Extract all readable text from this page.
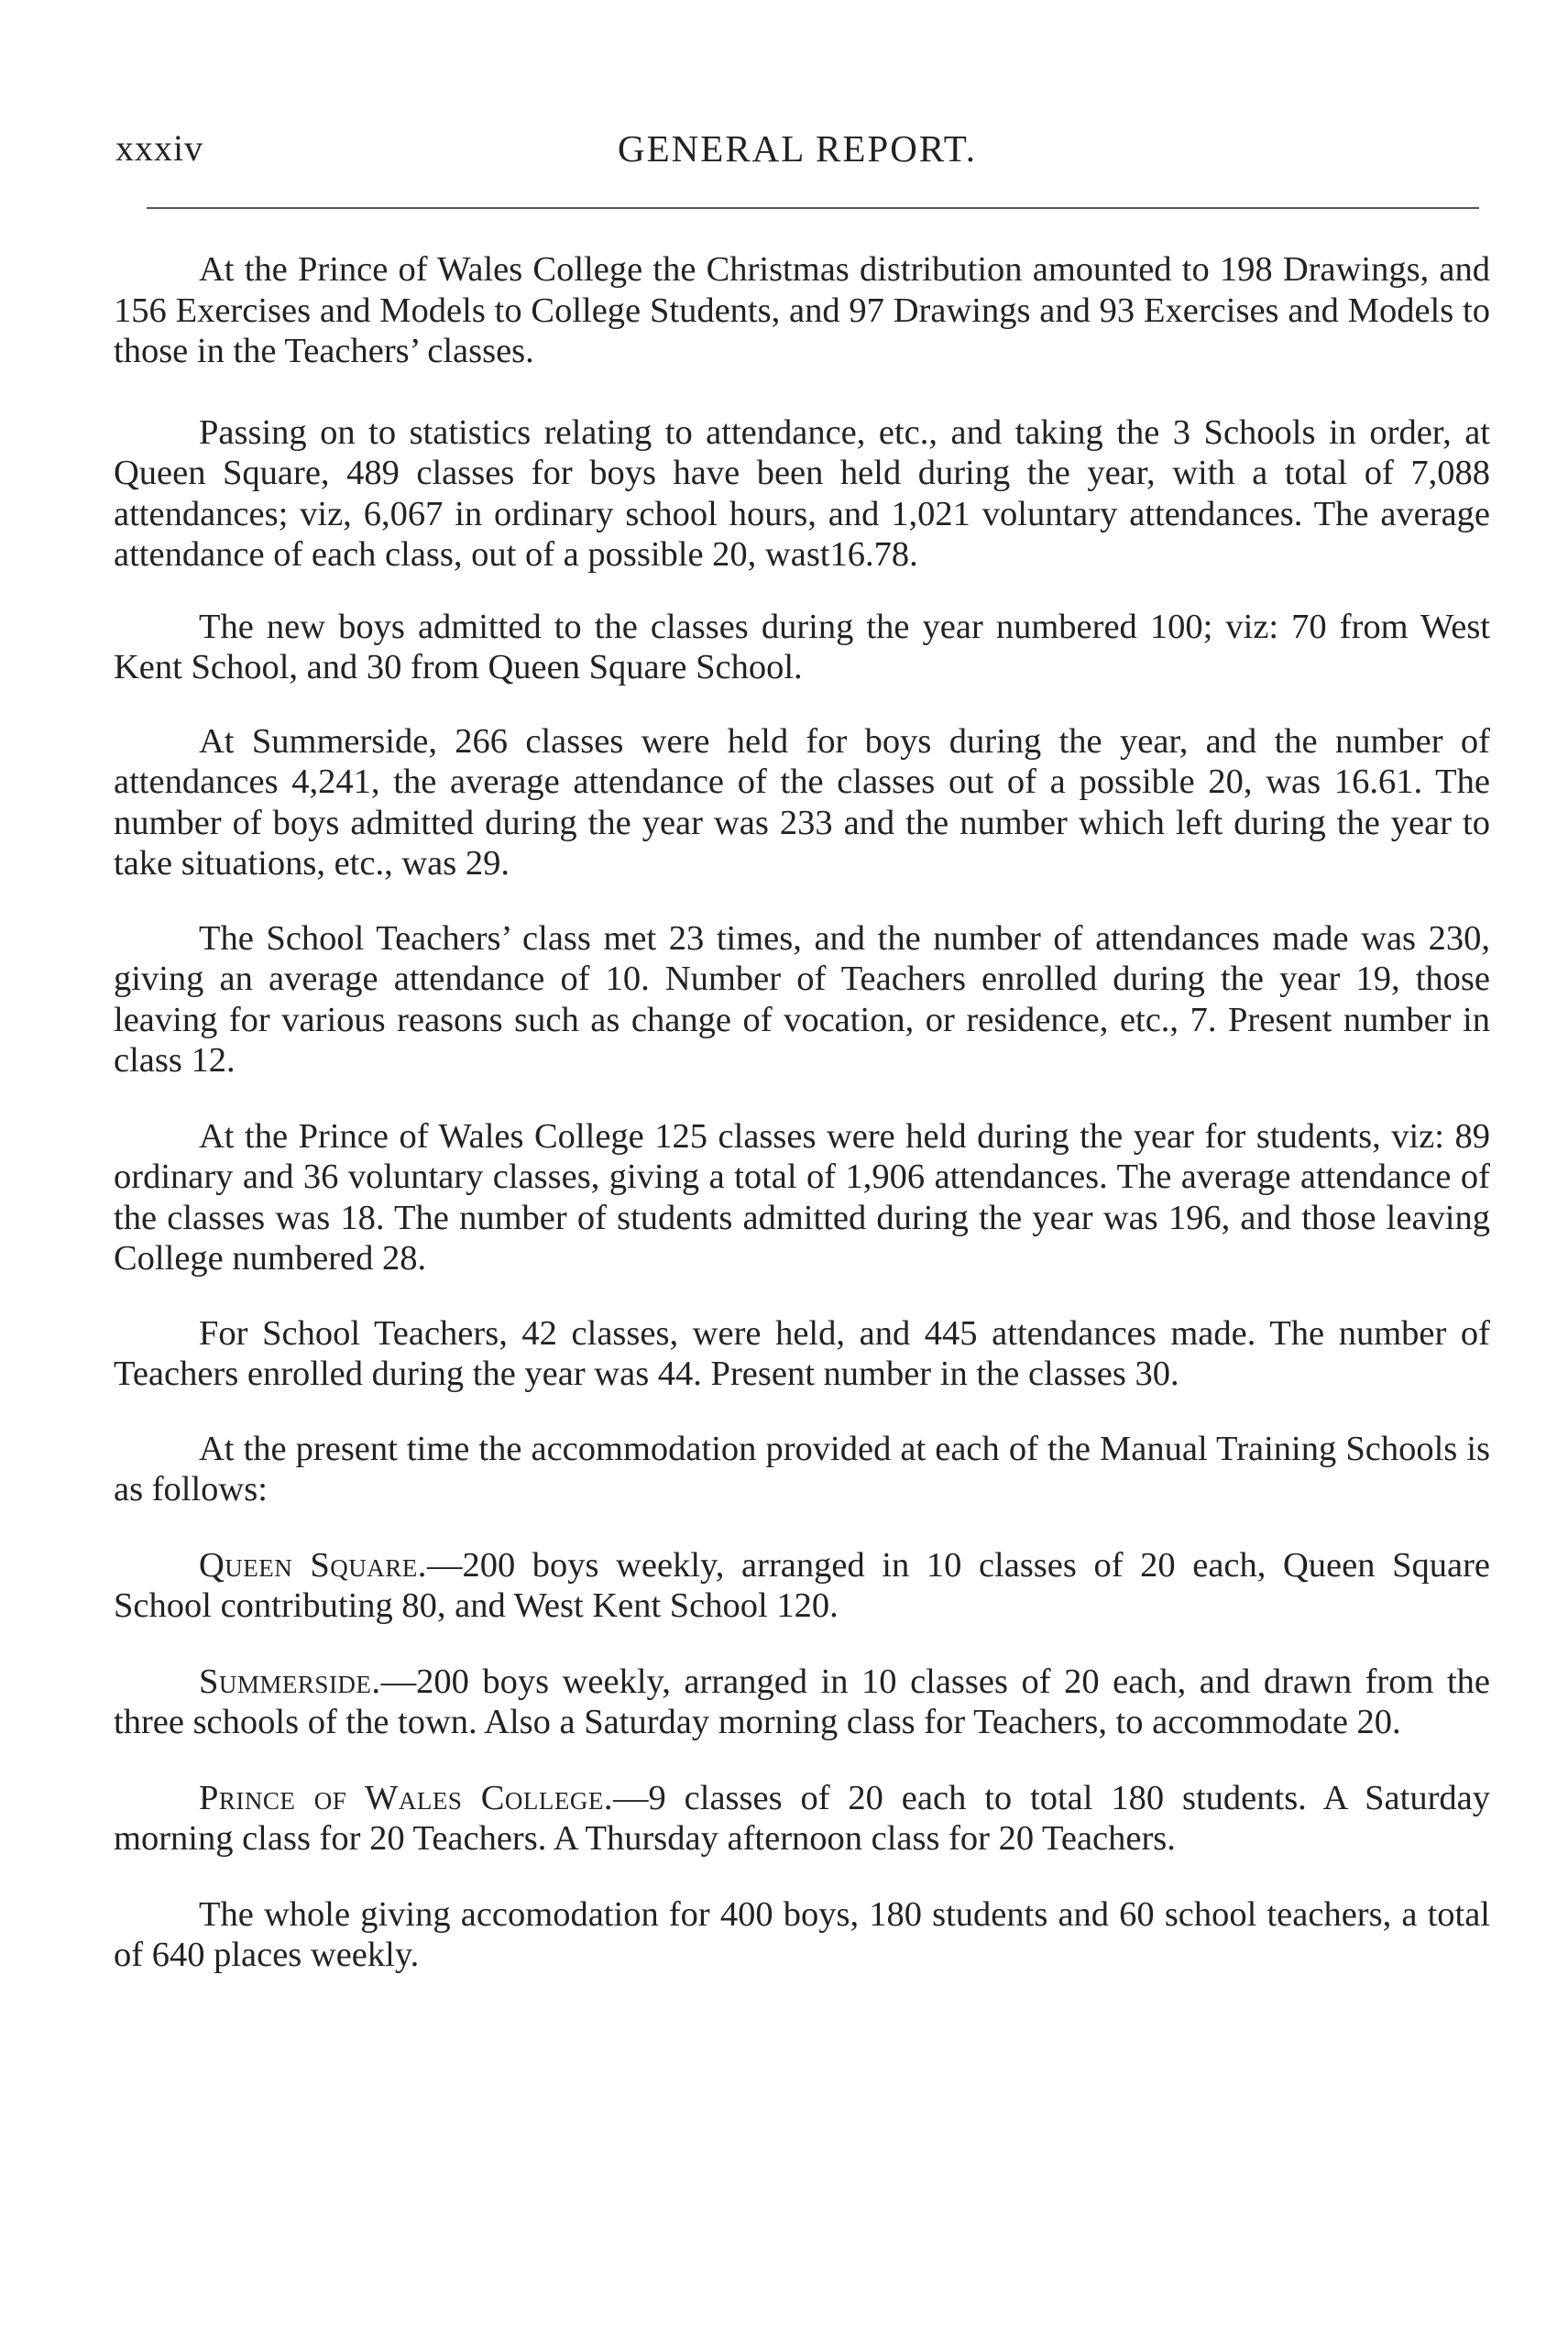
xxxiv	GENERAL REPORT.

At the Prince of Wales College the Christmas distribution amounted to 198 Drawings, and 156 Exercises and Models to College Students, and 97 Drawings and 93 Exercises and Models to those in the Teachers’ classes.

Passing on to statistics relating to attendance, etc., and taking the 3 Schools in order, at Queen Square, 489 classes for boys have been held during the year, with a total of 7,088 attendances; viz, 6,067 in ordinary school hours, and 1,021 voluntary attendances. The average attendance of each class, out of a possible 20, wast16.78.

The new boys admitted to the classes during the year numbered 100; viz: 70 from West Kent School, and 30 from Queen Square School.

At Summerside, 266 classes were held for boys during the year, and the number of attendances 4,241, the average attendance of the classes out of a possible 20, was 16.61. The number of boys admitted during the year was 233 and the number which left during the year to take situations, etc., was 29.

The School Teachers’ class met 23 times, and the number of attendances made was 230, giving an average attendance of 10. Number of Teachers enrolled during the year 19, those leaving for various reasons such as change of vocation, or residence, etc., 7. Present number in class 12.

At the Prince of Wales College 125 classes were held during the year for students, viz: 89 ordinary and 36 voluntary classes, giving a total of 1,906 attendances. The average attendance of the classes was 18. The number of students admitted during the year was 196, and those leaving College numbered 28.

For School Teachers, 42 classes, were held, and 445 attendances made. The number of Teachers enrolled during the year was 44. Present number in the classes 30.

At the present time the accommodation provided at each of the Manual Training Schools is as follows:

Queen Square.—200 boys weekly, arranged in 10 classes of 20 each, Queen Square School contributing 80, and West Kent School 120.

Summerside.—200 boys weekly, arranged in 10 classes of 20 each, and drawn from the three schools of the town. Also a Saturday morning class for Teachers, to accommodate 20.

Prince of Wales College.—9 classes of 20 each to total 180 students. A Saturday morning class for 20 Teachers. A Thursday afternoon class for 20 Teachers.

The whole giving accomodation for 400 boys, 180 students and 60 school teachers, a total of 640 places weekly.
